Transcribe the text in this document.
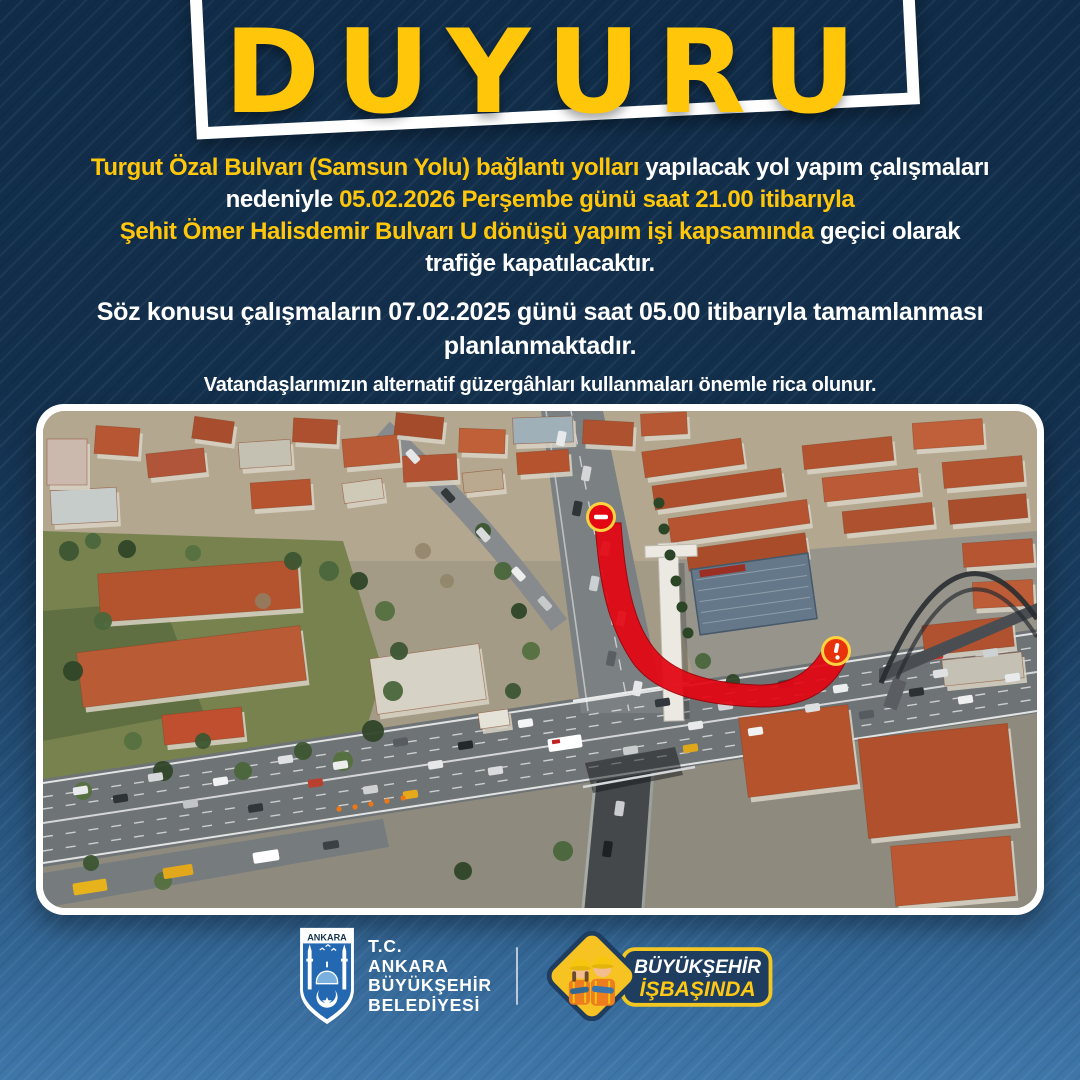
DUYURU
Turgut Özal Bulvarı (Samsun Yolu) bağlantı yolları yapılacak yol yapım çalışmaları
nedeniyle 05.02.2026 Perşembe günü saat 21.00 itibarıyla
Şehit Ömer Halisdemir Bulvarı U dönüşü yapım işi kapsamında geçici olarak
trafiğe kapatılacaktır.
Söz konusu çalışmaların 07.02.2025 günü saat 05.00 itibarıyla tamamlanması
planlanmaktadır.
Vatandaşlarımızın alternatif güzergâhları kullanmaları önemle rica olunur.
ANKARA T.C.
ANKARA
BÜYÜKŞEHİR
BELEDİYESİ
BÜYÜKŞEHİR
İŞBAŞINDA
